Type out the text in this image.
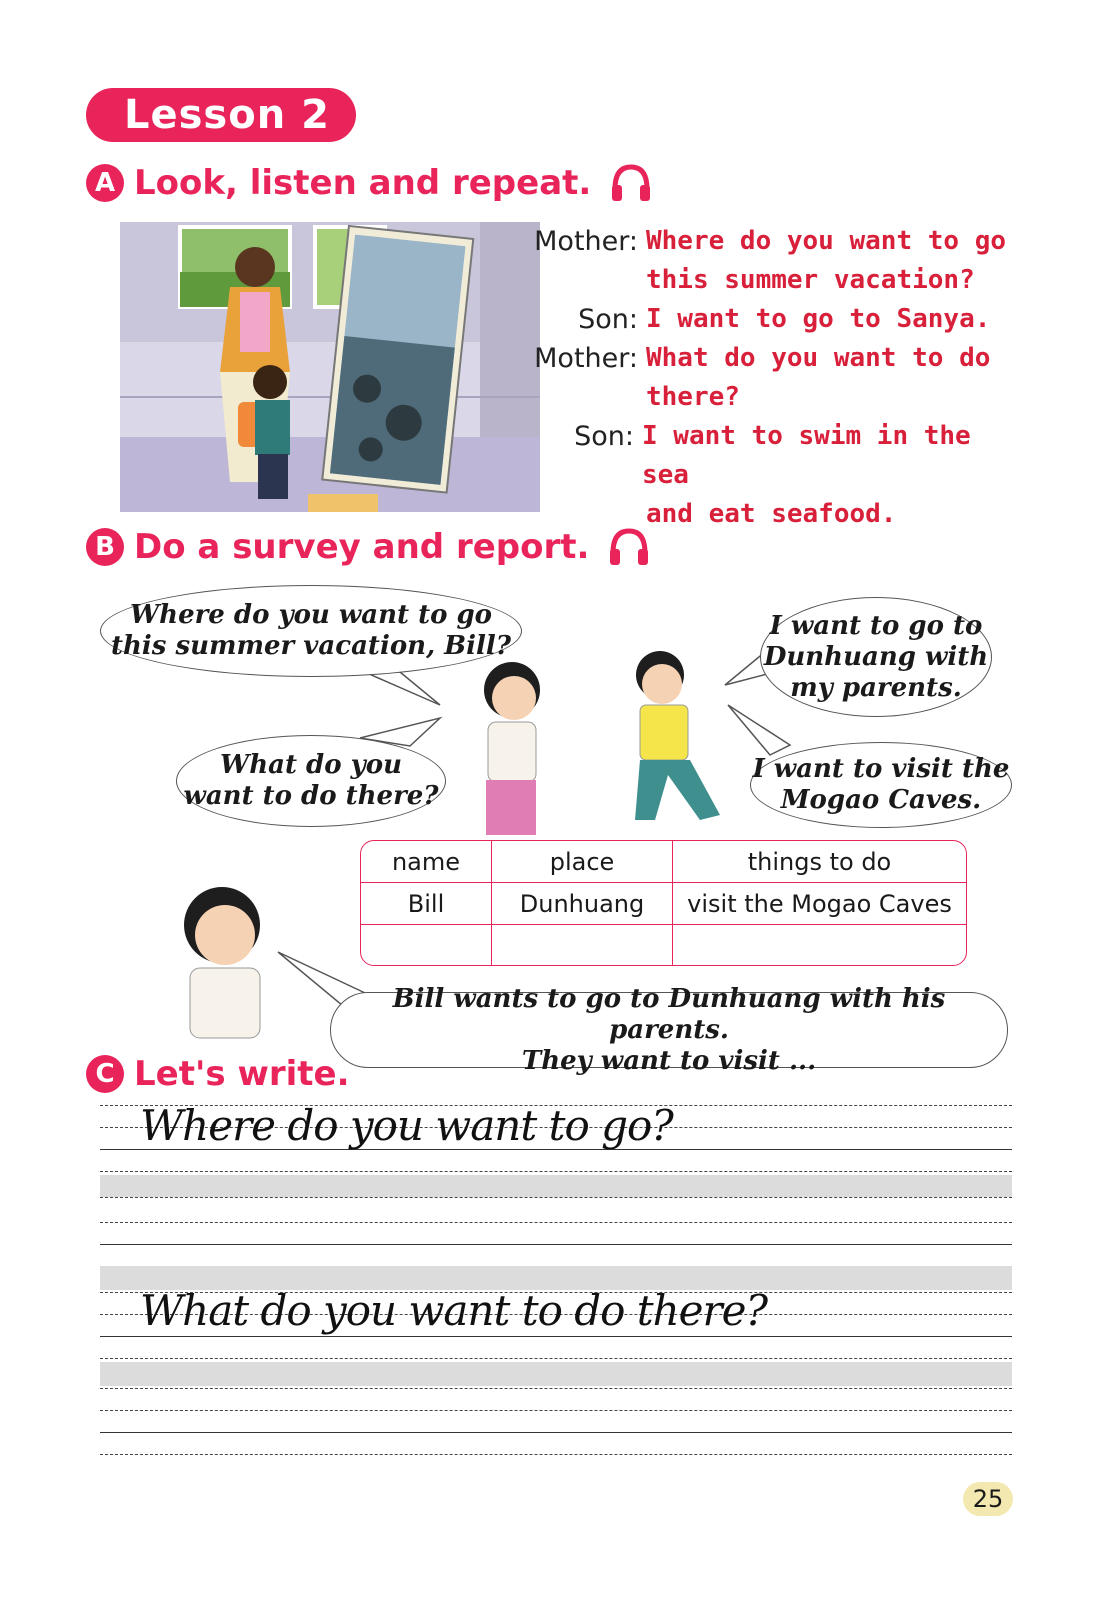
Lesson 2
A Look, listen and repeat.
Mother: Where do you want to go
this summer vacation?
Son: I want to go to Sanya.
Mother: What do you want to do
there?
Son: I want to swim in the sea
and eat seafood.
B Do a survey and report.
Where do you want to go
this summer vacation, Bill?
I want to go to
Dunhuang with
my parents.
What do you
want to do there?
I want to visit the
Mogao Caves.
name	place	things to do
Bill	Dunhuang	visit the Mogao Caves

Bill wants to go to Dunhuang with his parents.
They want to visit ...
C Let's write.
Where do you want to go?
What do you want to do there?
25
